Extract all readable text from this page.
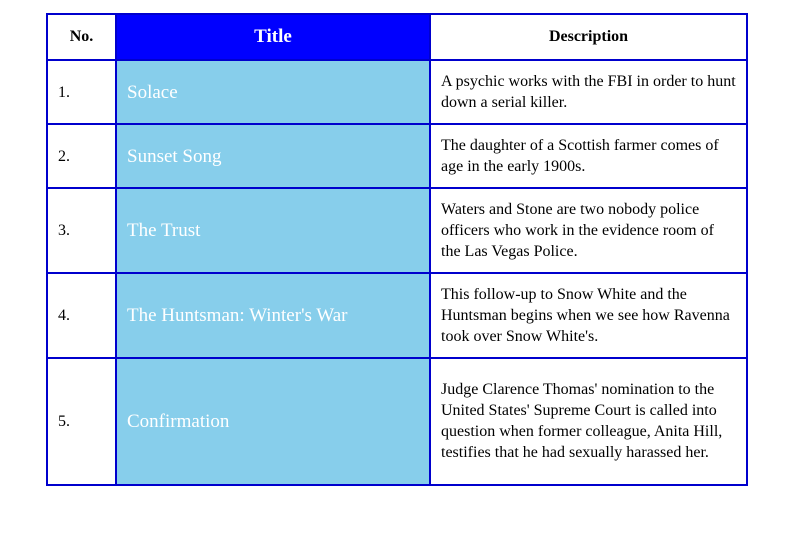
No.	Title	Description
1.	Solace	A psychic works with the FBI in order to hunt down a serial killer.
2.	Sunset Song	The daughter of a Scottish farmer comes of age in the early 1900s.
3.	The Trust	Waters and Stone are two nobody police officers who work in the evidence room of the Las Vegas Police.
4.	The Huntsman: Winter's War	This follow-up to Snow White and the Huntsman begins when we see how Ravenna took over Snow White's.
5.	Confirmation	Judge Clarence Thomas' nomination to the United States' Supreme Court is called into question when former colleague, Anita Hill, testifies that he had sexually harassed her.
